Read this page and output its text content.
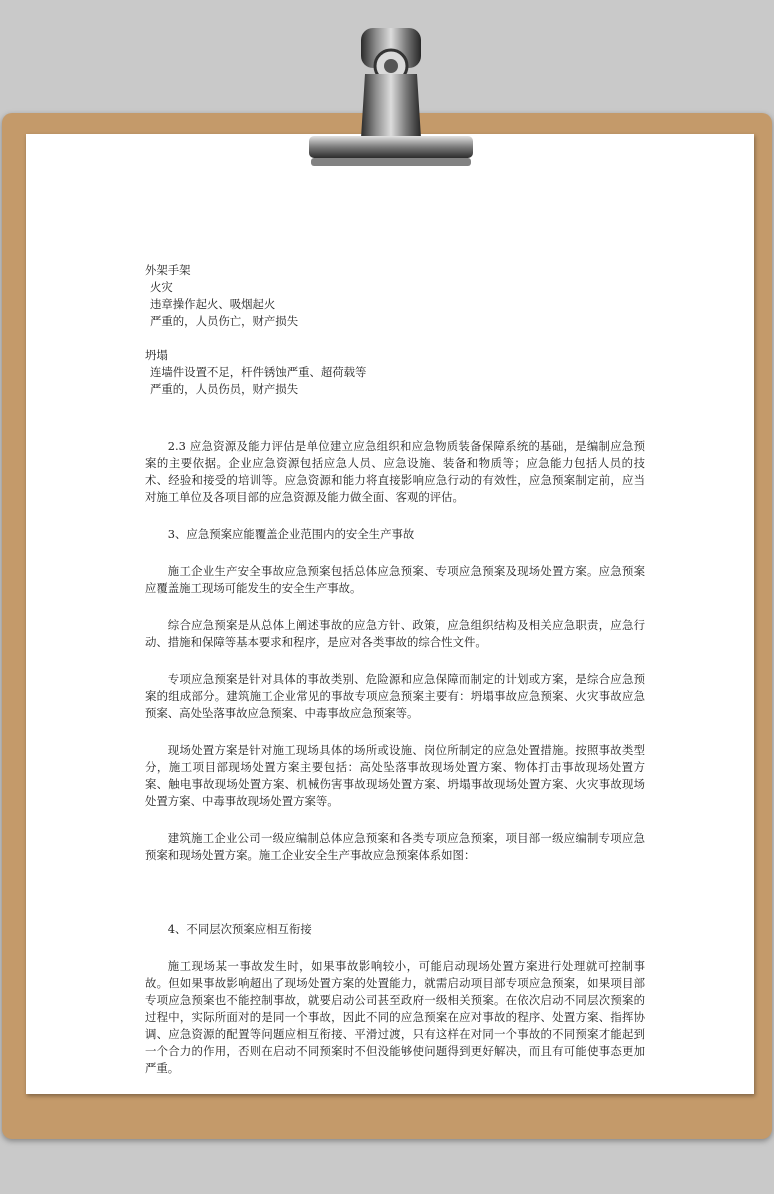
外架手架

火灾

违章操作起火、吸烟起火

严重的，人员伤亡，财产损失

坍塌

连墙件设置不足，杆件锈蚀严重、超荷载等

严重的，人员伤员，财产损失

2.3 应急资源及能力评估是单位建立应急组织和应急物质装备保障系统的基础，是编制应急预案的主要依据。企业应急资源包括应急人员、应急设施、装备和物质等；应急能力包括人员的技术、经验和接受的培训等。应急资源和能力将直接影响应急行动的有效性，应急预案制定前，应当对施工单位及各项目部的应急资源及能力做全面、客观的评估。

3、应急预案应能覆盖企业范围内的安全生产事故

施工企业生产安全事故应急预案包括总体应急预案、专项应急预案及现场处置方案。应急预案应覆盖施工现场可能发生的安全生产事故。

综合应急预案是从总体上阐述事故的应急方针、政策，应急组织结构及相关应急职责，应急行动、措施和保障等基本要求和程序，是应对各类事故的综合性文件。

专项应急预案是针对具体的事故类别、危险源和应急保障而制定的计划或方案，是综合应急预案的组成部分。建筑施工企业常见的事故专项应急预案主要有：坍塌事故应急预案、火灾事故应急预案、高处坠落事故应急预案、中毒事故应急预案等。

现场处置方案是针对施工现场具体的场所或设施、岗位所制定的应急处置措施。按照事故类型分，施工项目部现场处置方案主要包括：高处坠落事故现场处置方案、物体打击事故现场处置方案、触电事故现场处置方案、机械伤害事故现场处置方案、坍塌事故现场处置方案、火灾事故现场处置方案、中毒事故现场处置方案等。

建筑施工企业公司一级应编制总体应急预案和各类专项应急预案，项目部一级应编制专项应急预案和现场处置方案。施工企业安全生产事故应急预案体系如图：

4、不同层次预案应相互衔接

施工现场某一事故发生时，如果事故影响较小，可能启动现场处置方案进行处理就可控制事故。但如果事故影响超出了现场处置方案的处置能力，就需启动项目部专项应急预案，如果项目部专项应急预案也不能控制事故，就要启动公司甚至政府一级相关预案。在依次启动不同层次预案的过程中，实际所面对的是同一个事故，因此不同的应急预案在应对事故的程序、处置方案、指挥协调、应急资源的配置等问题应相互衔接、平滑过渡，只有这样在对同一个事故的不同预案才能起到一个合力的作用，否则在启动不同预案时不但没能够使问题得到更好解决，而且有可能使事态更加严重。
